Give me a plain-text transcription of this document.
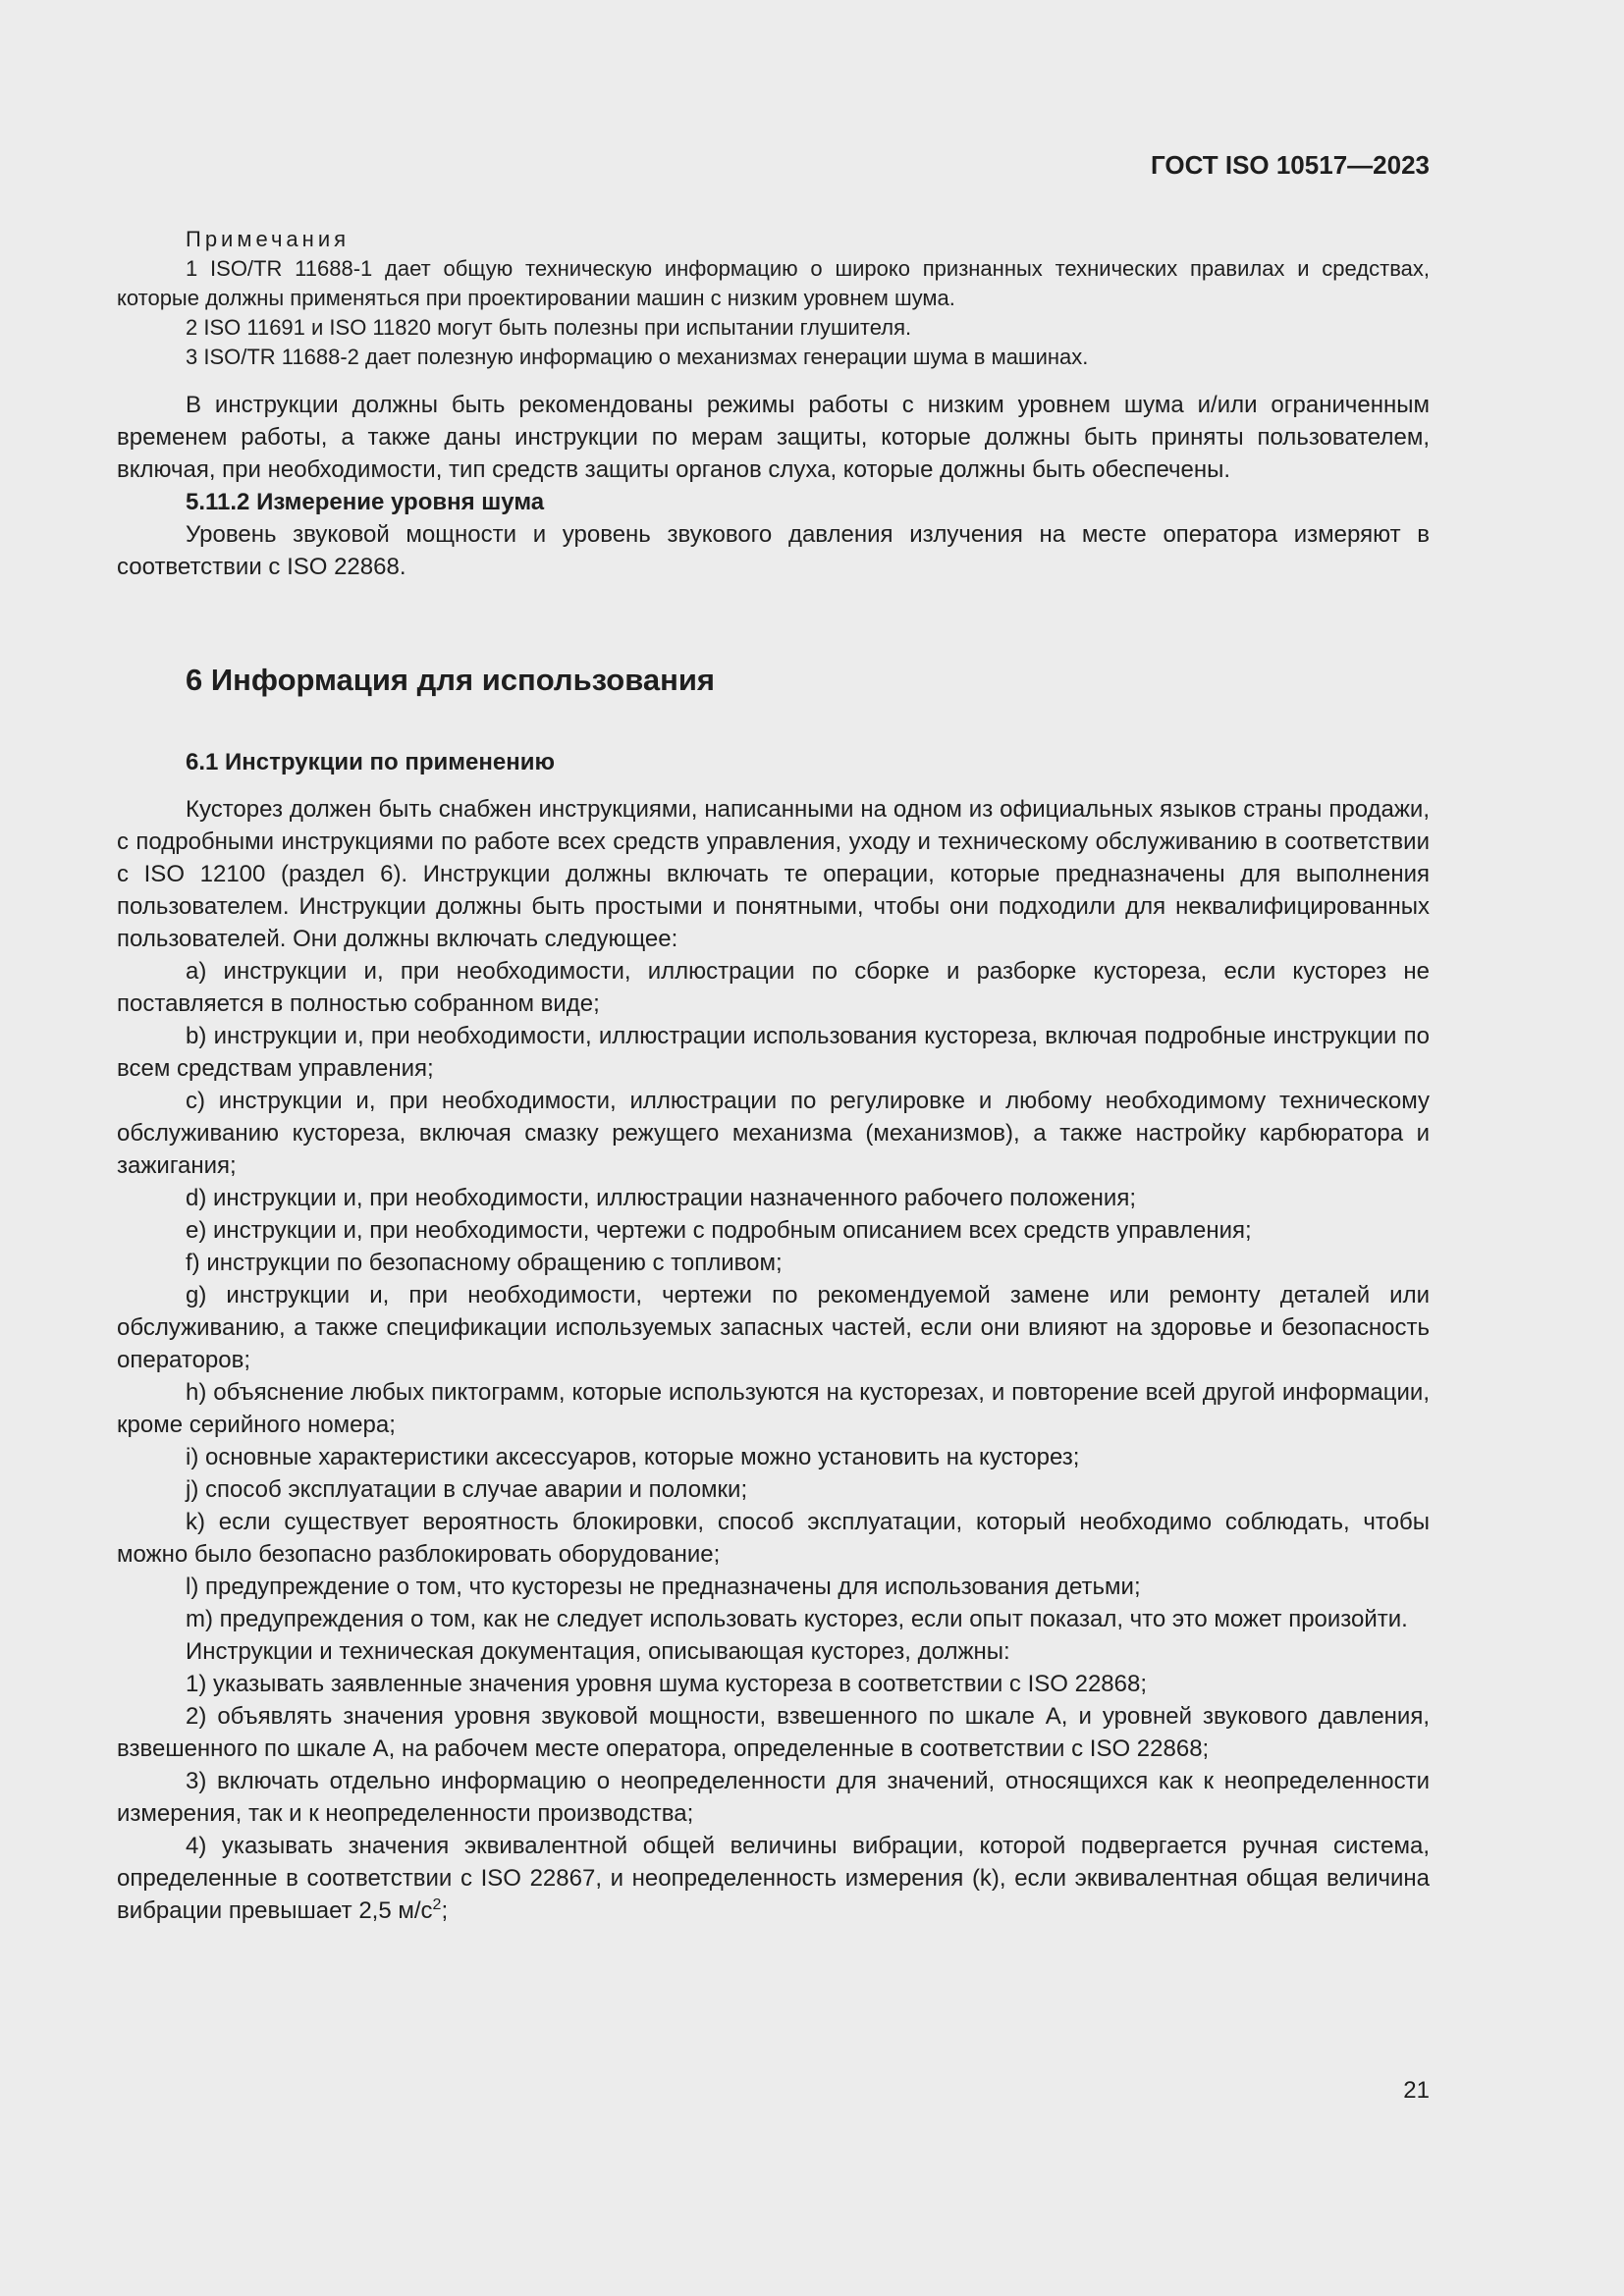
ГОСТ ISO 10517—2023

Примечания
1 ISO/TR 11688-1 дает общую техническую информацию о широко признанных технических правилах и средствах, которые должны применяться при проектировании машин с низким уровнем шума.
2 ISO 11691 и ISO 11820 могут быть полезны при испытании глушителя.
3 ISO/TR 11688-2 дает полезную информацию о механизмах генерации шума в машинах.

В инструкции должны быть рекомендованы режимы работы с низким уровнем шума и/или ограниченным временем работы, а также даны инструкции по мерам защиты, которые должны быть приняты пользователем, включая, при необходимости, тип средств защиты органов слуха, которые должны быть обеспечены.

5.11.2 Измерение уровня шума

Уровень звуковой мощности и уровень звукового давления излучения на месте оператора измеряют в соответствии с ISO 22868.

6 Информация для использования
6.1 Инструкции по применению

Кусторез должен быть снабжен инструкциями, написанными на одном из официальных языков страны продажи, с подробными инструкциями по работе всех средств управления, уходу и техническому обслуживанию в соответствии с ISO 12100 (раздел 6). Инструкции должны включать те операции, которые предназначены для выполнения пользователем. Инструкции должны быть простыми и понятными, чтобы они подходили для неквалифицированных пользователей. Они должны включать следующее:

a) инструкции и, при необходимости, иллюстрации по сборке и разборке кустореза, если кусторез не поставляется в полностью собранном виде;

b) инструкции и, при необходимости, иллюстрации использования кустореза, включая подробные инструкции по всем средствам управления;

c) инструкции и, при необходимости, иллюстрации по регулировке и любому необходимому техническому обслуживанию кустореза, включая смазку режущего механизма (механизмов), а также настройку карбюратора и зажигания;

d) инструкции и, при необходимости, иллюстрации назначенного рабочего положения;

e) инструкции и, при необходимости, чертежи с подробным описанием всех средств управления;

f) инструкции по безопасному обращению с топливом;

g) инструкции и, при необходимости, чертежи по рекомендуемой замене или ремонту деталей или обслуживанию, а также спецификации используемых запасных частей, если они влияют на здоровье и безопасность операторов;

h) объяснение любых пиктограмм, которые используются на кусторезах, и повторение всей другой информации, кроме серийного номера;

i) основные характеристики аксессуаров, которые можно установить на кусторез;

j) способ эксплуатации в случае аварии и поломки;

k) если существует вероятность блокировки, способ эксплуатации, который необходимо соблюдать, чтобы можно было безопасно разблокировать оборудование;

l) предупреждение о том, что кусторезы не предназначены для использования детьми;

m) предупреждения о том, как не следует использовать кусторез, если опыт показал, что это может произойти.

Инструкции и техническая документация, описывающая кусторез, должны:

1) указывать заявленные значения уровня шума кустореза в соответствии с ISO 22868;

2) объявлять значения уровня звуковой мощности, взвешенного по шкале А, и уровней звукового давления, взвешенного по шкале А, на рабочем месте оператора, определенные в соответствии с ISO 22868;

3) включать отдельно информацию о неопределенности для значений, относящихся как к неопределенности измерения, так и к неопределенности производства;

4) указывать значения эквивалентной общей величины вибрации, которой подвергается ручная система, определенные в соответствии с ISO 22867, и неопределенность измерения (k), если эквивалентная общая величина вибрации превышает 2,5 $м/с^2$;

21
